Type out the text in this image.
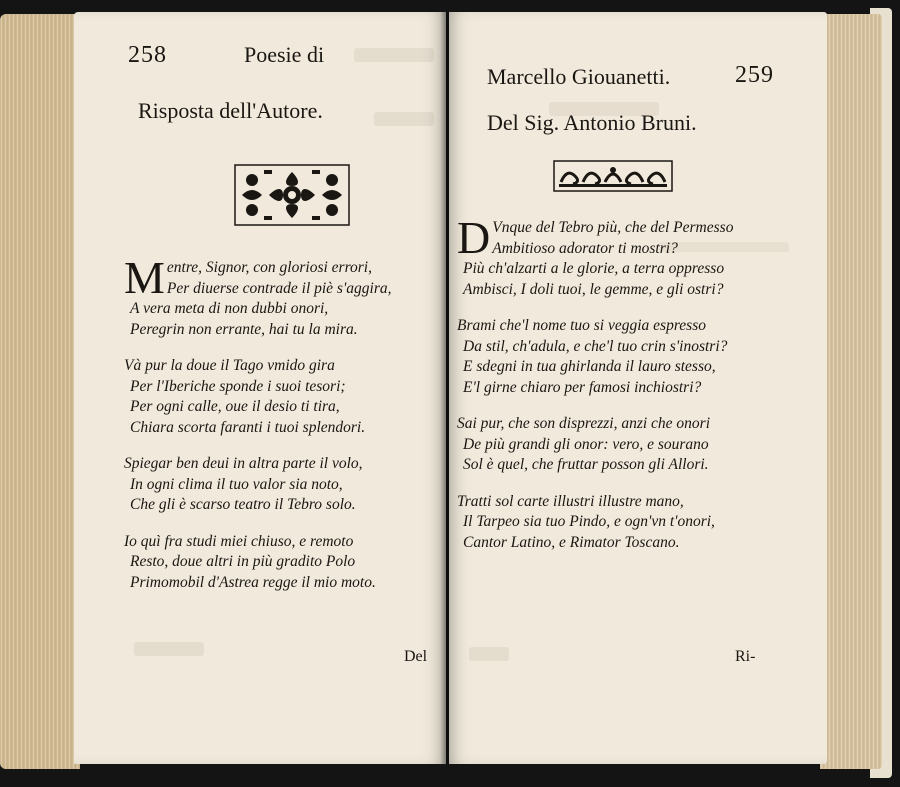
258	Poesie di
Risposta dell'Autore.
M entre, Signor, con gloriosi errori,
Per diuerse contrade il piè s'aggira,
A vera meta di non dubbi onori,
Peregrin non errante, hai tu la mira.
Và pur la doue il Tago vmido gira
Per l'Iberiche sponde i suoi tesori;
Per ogni calle, oue il desio ti tira,
Chiara scorta faranti i tuoi splendori.
Spiegar ben deui in altra parte il volo,
In ogni clima il tuo valor sia noto,
Che gli è scarso teatro il Tebro solo.
Io quì fra studi miei chiuso, e remoto
Resto, doue altri in più gradito Polo
Primomobil d'Astrea regge il mio moto.
Del
Marcello Giouanetti.	259
Del Sig. Antonio Bruni.
D Vnque del Tebro più, che del Permesso
Ambitioso adorator ti mostri?
Più ch'alzarti a le glorie, a terra oppresso
Ambisci, I doli tuoi, le gemme, e gli ostri?
Brami che'l nome tuo si veggia espresso
Da stil, ch'adula, e che'l tuo crin s'inostri?
E sdegni in tua ghirlanda il lauro stesso,
E'l girne chiaro per famosi inchiostri?
Sai pur, che son disprezzi, anzi che onori
De più grandi gli onor: vero, e sourano
Sol è quel, che fruttar posson gli Allori.
Tratti sol carte illustri illustre mano,
Il Tarpeo sia tuo Pindo, e ogn'vn t'onori,
Cantor Latino, e Rimator Toscano.
Ri-
